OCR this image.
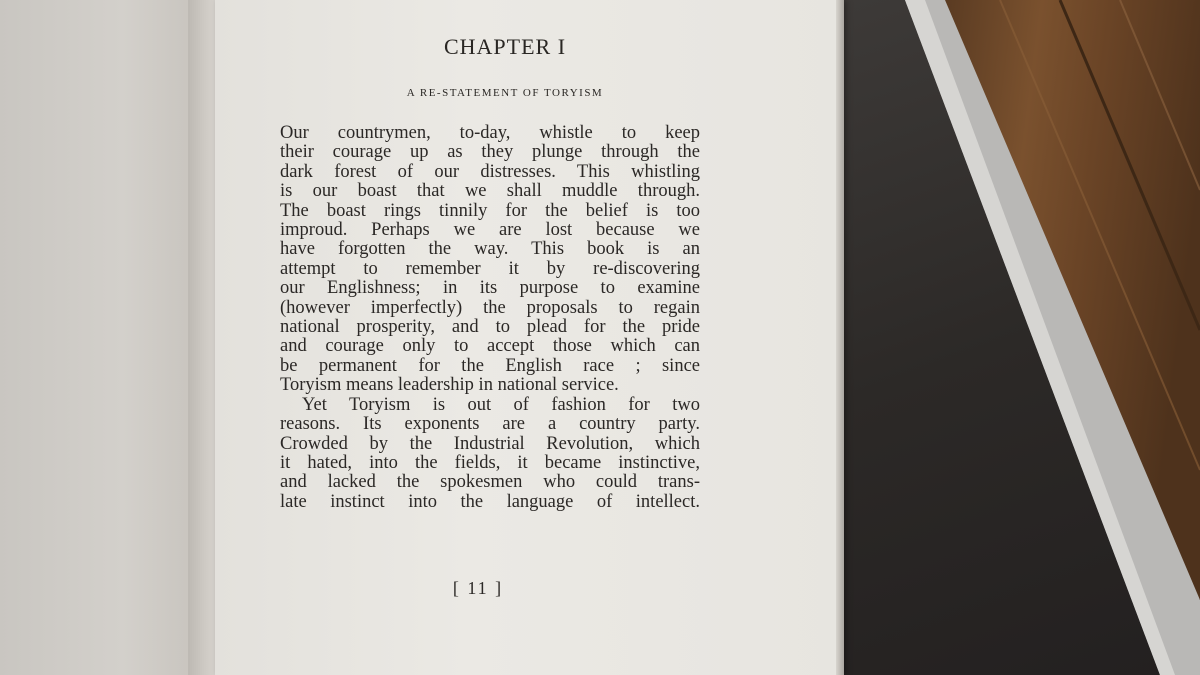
CHAPTER I
A RE-STATEMENT OF TORYISM
Our countrymen, to-day, whistle to keep
their courage up as they plunge through the
dark forest of our distresses. This whistling
is our boast that we shall muddle through.
The boast rings tinnily for the belief is too
improud. Perhaps we are lost because we
have forgotten the way. This book is an
attempt to remember it by re-discovering
our Englishness; in its purpose to examine
(however imperfectly) the proposals to regain
national prosperity, and to plead for the pride
and courage only to accept those which can
be permanent for the English race ; since
Toryism means leadership in national service.
Yet Toryism is out of fashion for two
reasons. Its exponents are a country party.
Crowded by the Industrial Revolution, which
it hated, into the fields, it became instinctive,
and lacked the spokesmen who could trans-
late instinct into the language of intellect.
[ 11 ]
